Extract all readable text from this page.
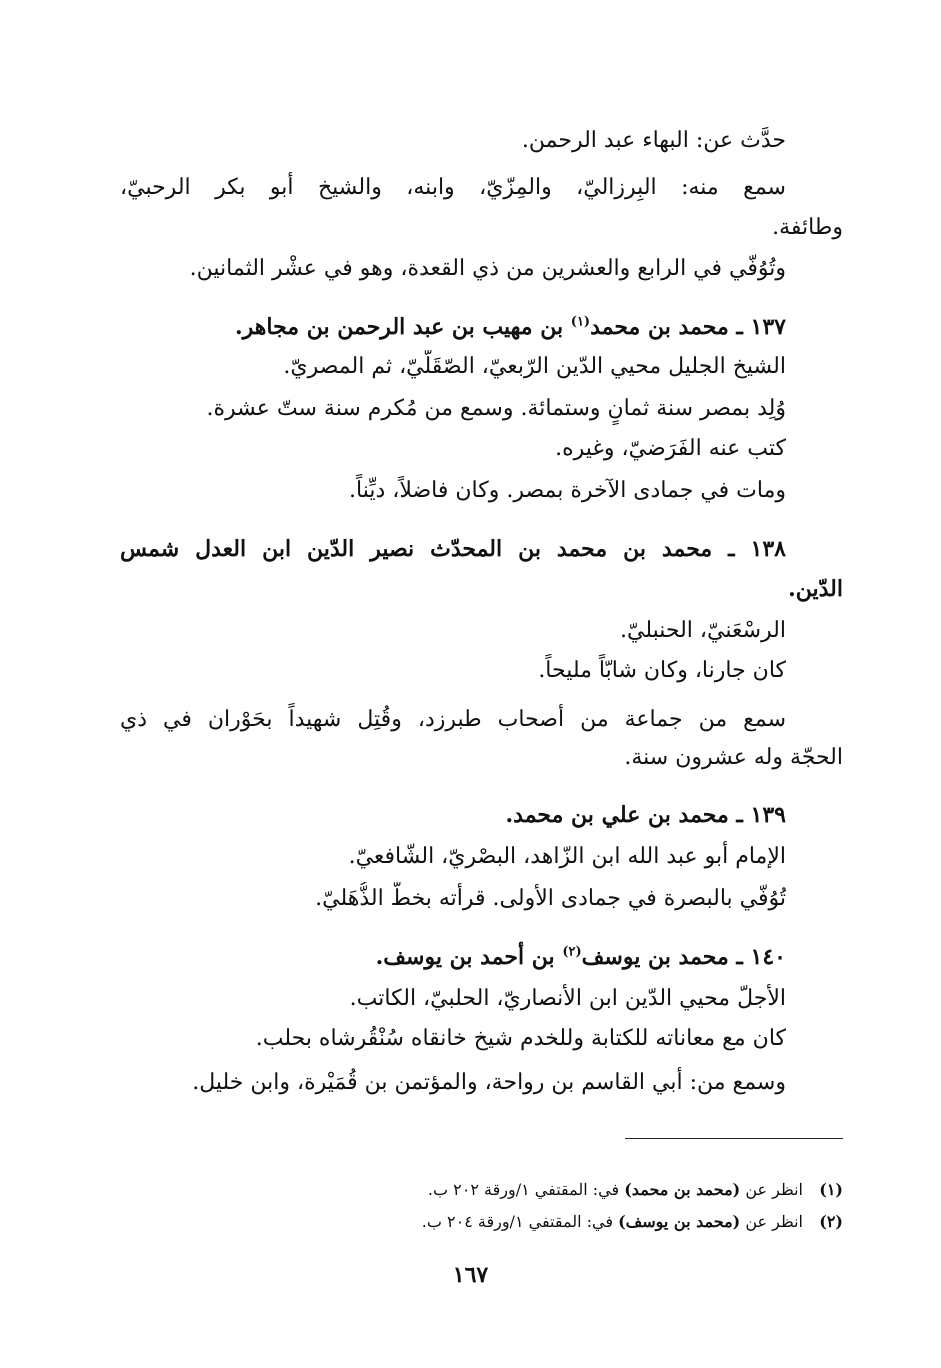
حدَّث عن: البهاء عبد الرحمن.
سمع منه: البِرزاليّ، والمِزّيّ، وابنه، والشيخ أبو بكر الرحبيّ،
وطائفة.
وتُوُفّي في الرابع والعشرين من ذي القعدة، وهو في عشْر الثمانين.
١٣٧ ـ محمد بن محمد$^{(١)}$ بن مهيب بن عبد الرحمن بن مجاهر.
الشيخ الجليل محيي الدّين الرّبعيّ، الصّقَلّيّ، ثم المصريّ.
وُلِد بمصر سنة ثمانٍ وستمائة. وسمع من مُكرم سنة ستّ عشرة.
كتب عنه الفَرَضيّ، وغيره.
ومات في جمادى الآخرة بمصر. وكان فاضلاً، ديِّناً.
١٣٨ ـ محمد بن محمد بن المحدّث نصير الدّين ابن العدل شمس
الدّين.
الرسْعَنيّ، الحنبليّ.
كان جارنا، وكان شابّاً مليحاً.
سمع من جماعة من أصحاب طبرزد، وقُتِل شهيداً بحَوْران في ذي
الحجّة وله عشرون سنة.
١٣٩ ـ محمد بن علي بن محمد.
الإمام أبو عبد الله ابن الزّاهد، البصْريّ، الشّافعيّ.
تُوُفّي بالبصرة في جمادى الأولى. قرأته بخطّ الذُّهَليّ.
١٤٠ ـ محمد بن يوسف$^{(٢)}$ بن أحمد بن يوسف.
الأجلّ محيي الدّين ابن الأنصاريّ، الحلبيّ، الكاتب.
كان مع معاناته للكتابة وللخدم شيخ خانقاه سُنْقُرشاه بحلب.
وسمع من: أبي القاسم بن رواحة، والمؤتمن بن قُمَيْرة، وابن خليل.
(١)انظر عن (محمد بن محمد) في: المقتفي ١/ورقة ٢٠٢ ب.
(٢)انظر عن (محمد بن يوسف) في: المقتفي ١/ورقة ٢٠٤ ب.
١٦٧
